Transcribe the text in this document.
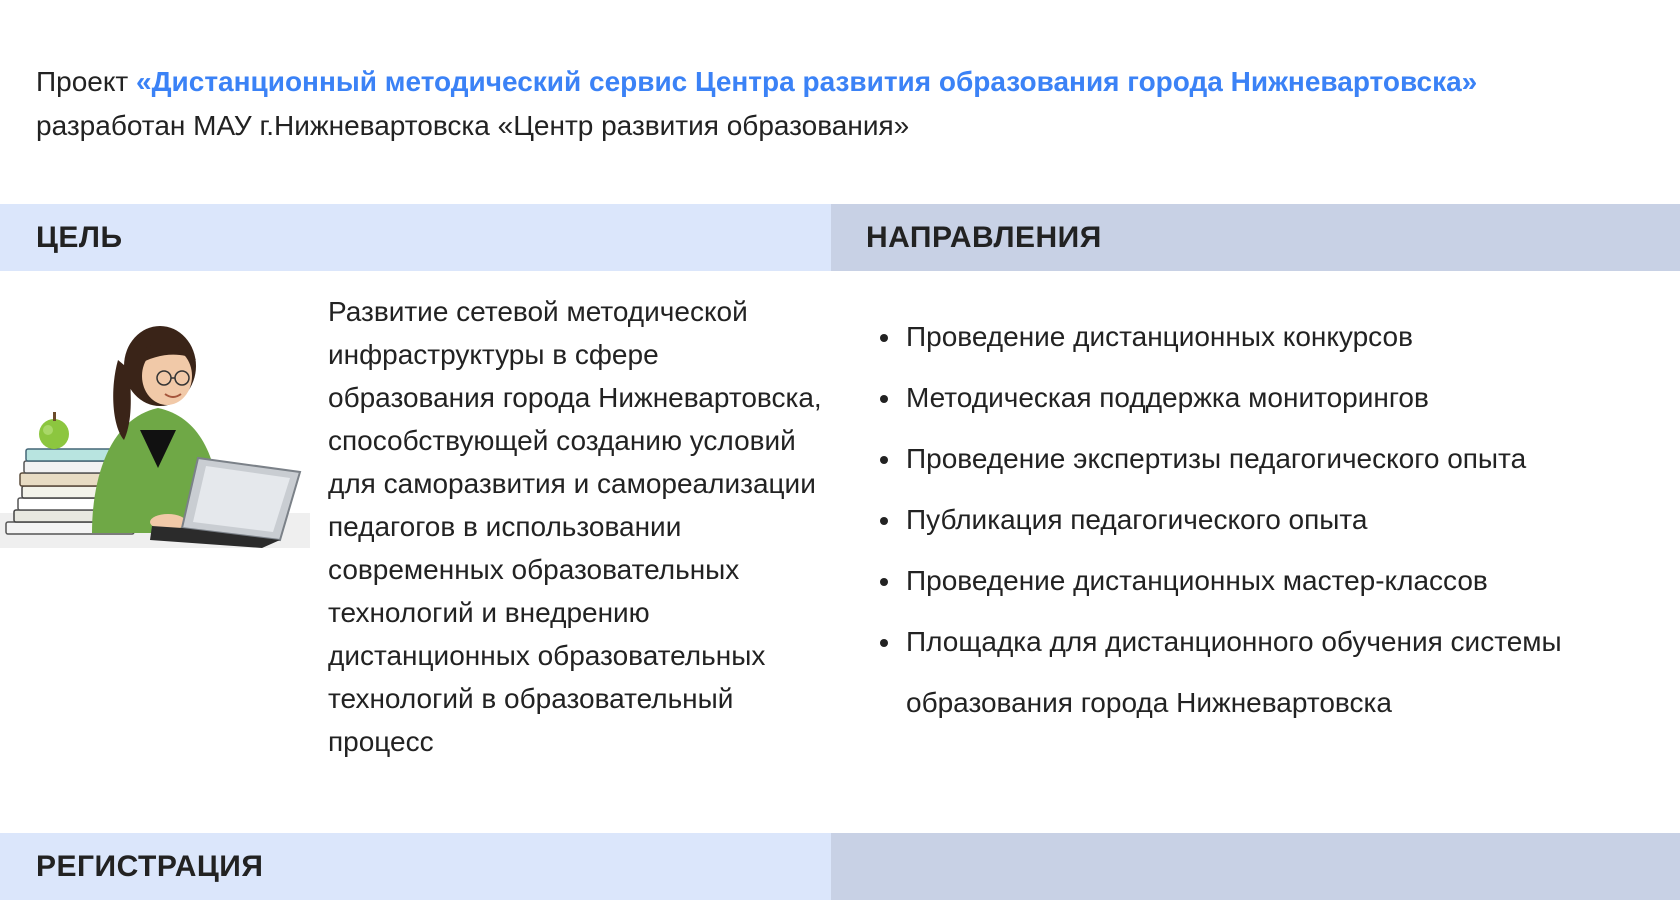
Проект «Дистанционный методический сервис Центра развития образования города Нижневартовска»
разработан МАУ г.Нижневартовска «Центр развития образования»
ЦЕЛЬ	НАПРАВЛЕНИЯ
Развитие сетевой методической инфраструктуры в сфере образования города Нижневартовска, способствующей созданию условий для саморазвития и самореализации педагогов в использовании современных образовательных технологий и внедрению дистанционных образовательных технологий в образовательный процесс
Проведение дистанционных конкурсов
Методическая поддержка мониторингов
Проведение экспертизы педагогического опыта
Публикация педагогического опыта
Проведение дистанционных мастер-классов
Площадка для дистанционного обучения системы образования города Нижневартовска
РЕГИСТРАЦИЯ
